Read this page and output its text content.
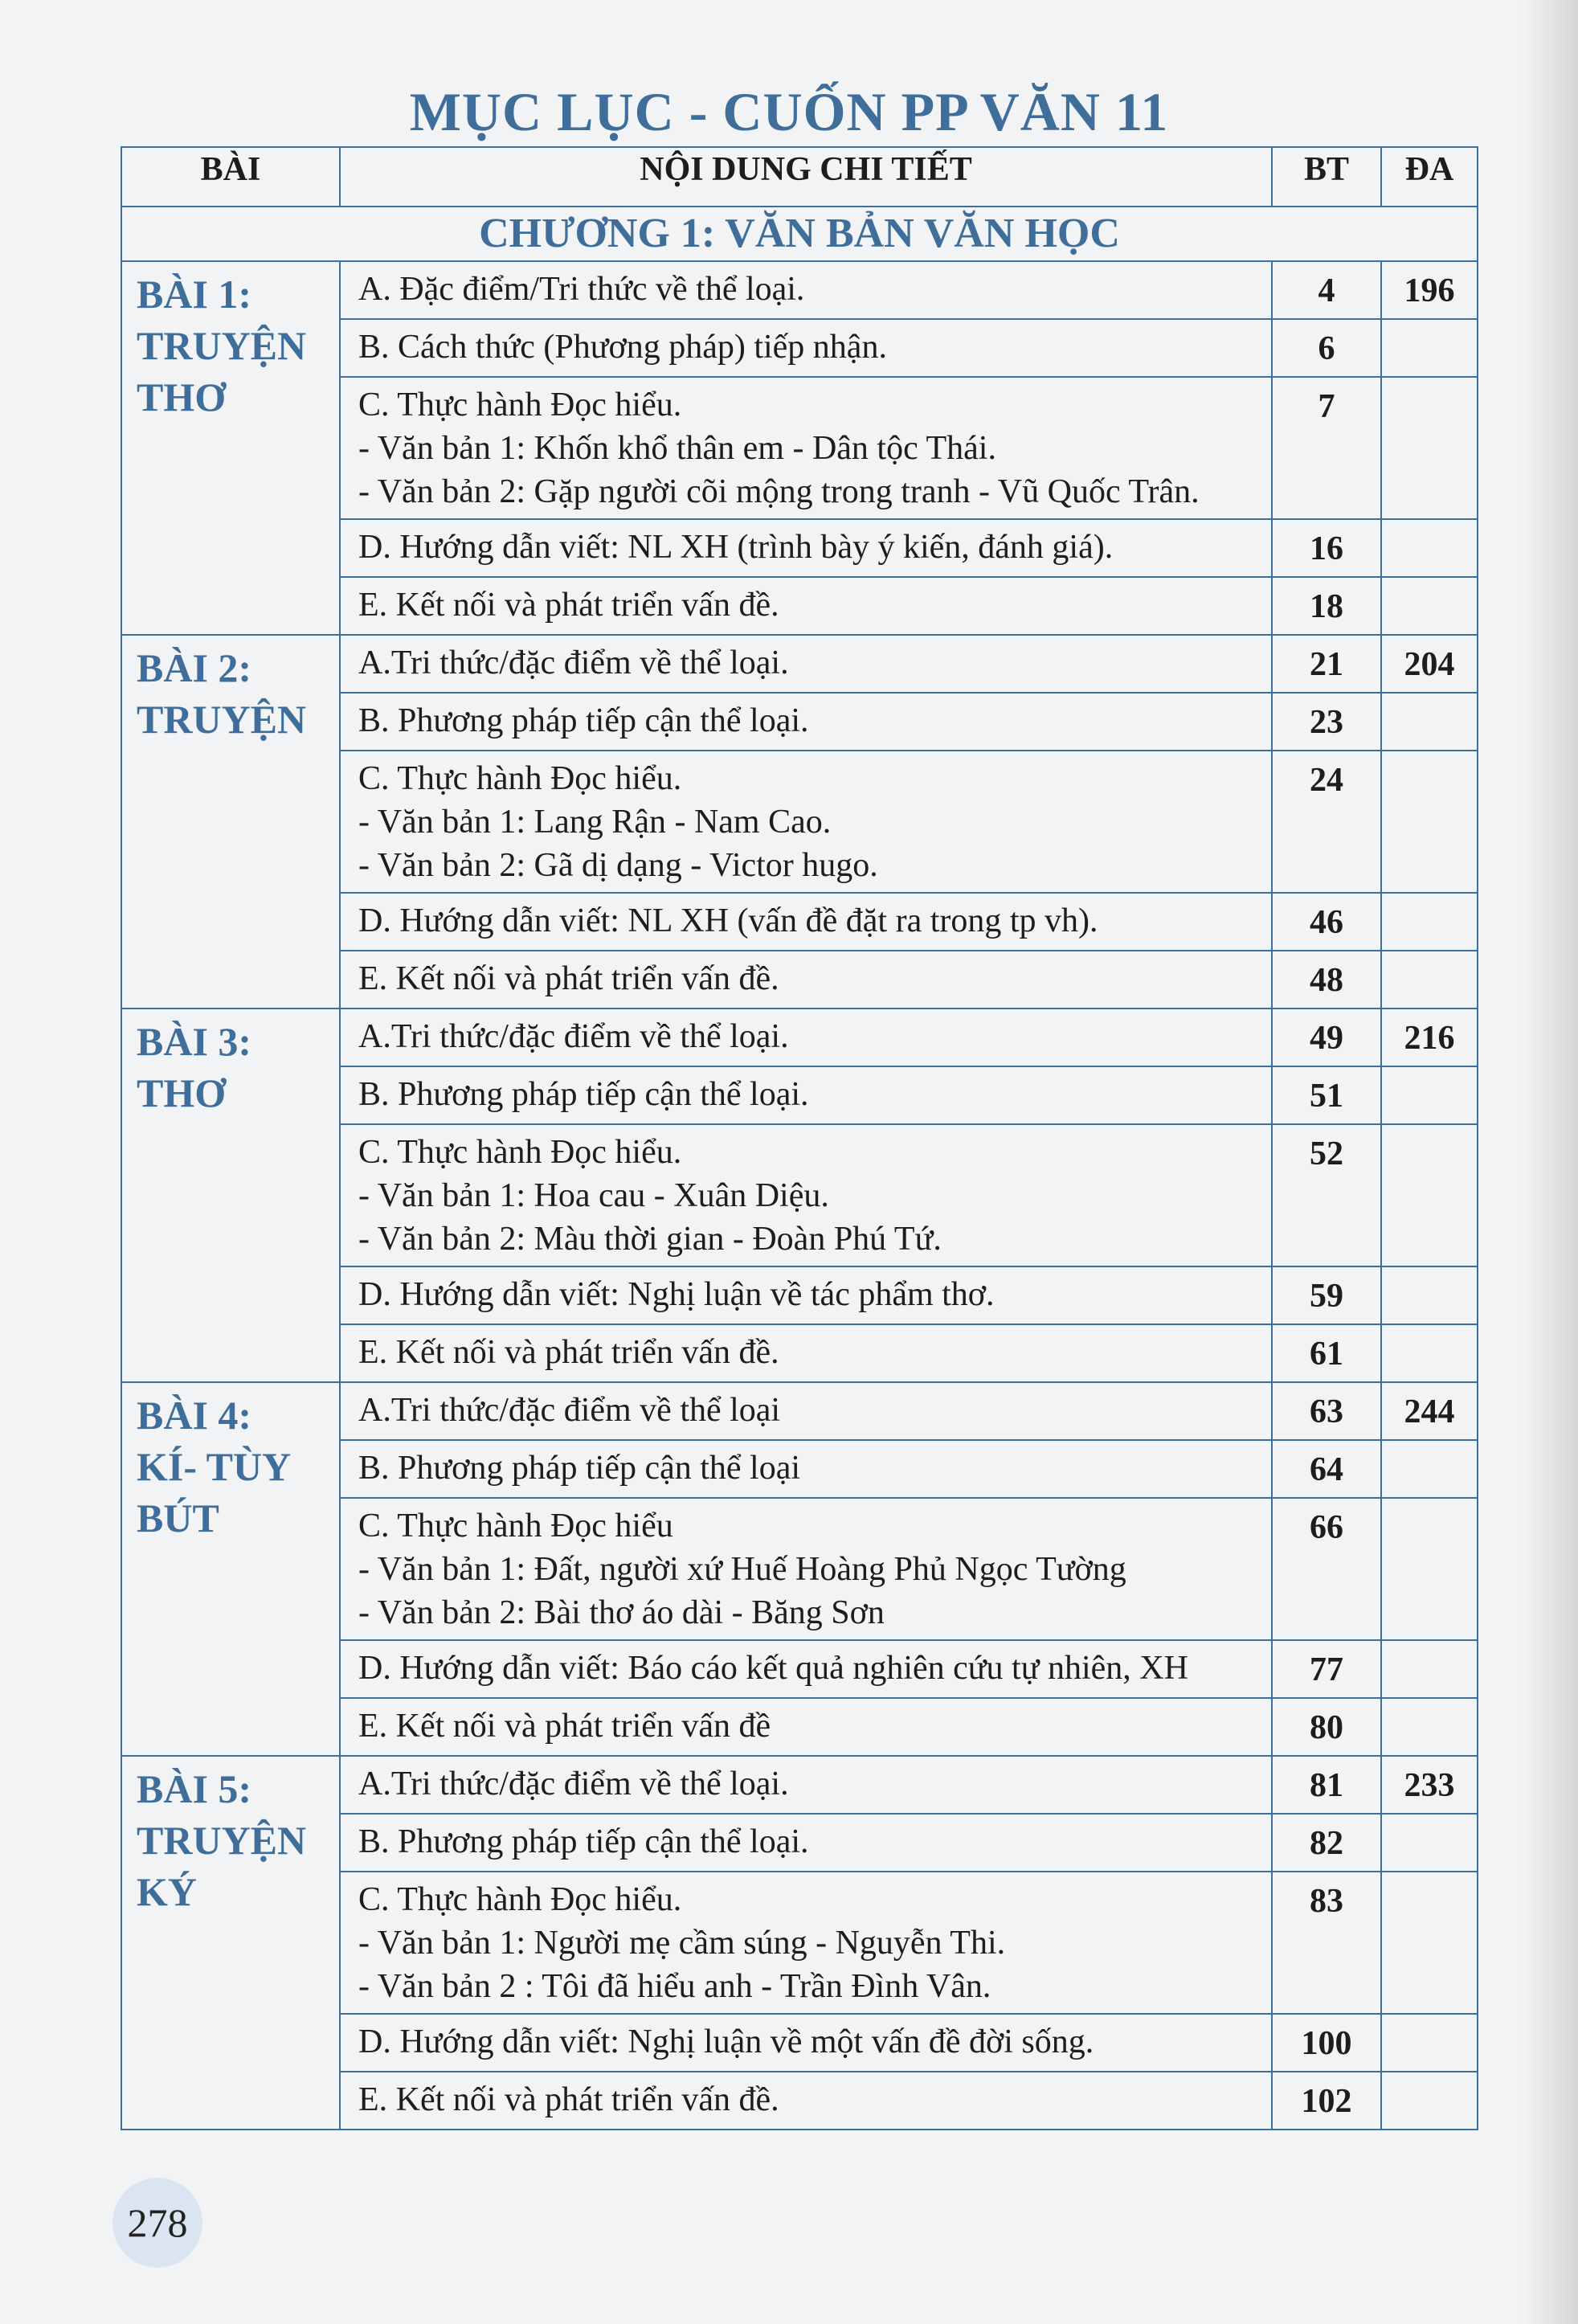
MỤC LỤC - CUỐN PP VĂN 11
BÀI	NỘI DUNG CHI TIẾT	BT	ĐA
CHƯƠNG 1: VĂN BẢN VĂN HỌC			
BÀI 1:
TRUYỆN
THƠ	A. Đặc điểm/Tri thức về thể loại.	4	196

	B. Cách thức (Phương pháp) tiếp nhận.	6	

	C. Thực hành Đọc hiểu.
- Văn bản 1: Khốn khổ thân em - Dân tộc Thái.
- Văn bản 2: Gặp người cõi mộng trong tranh - Vũ Quốc Trân.	7	

	D. Hướng dẫn viết: NL XH (trình bày ý kiến, đánh giá).	16	

	E. Kết nối và phát triển vấn đề.	18	
BÀI 2:
TRUYỆN	A.Tri thức/đặc điểm về thể loại.	21	204

	B. Phương pháp tiếp cận thể loại.	23	

	C. Thực hành Đọc hiểu.
- Văn bản 1: Lang Rận - Nam Cao.
- Văn bản 2: Gã dị dạng - Victor hugo.	24	

	D. Hướng dẫn viết: NL XH (vấn đề đặt ra trong tp vh).	46	

	E. Kết nối và phát triển vấn đề.	48	
BÀI 3:
THƠ	A.Tri thức/đặc điểm về thể loại.	49	216

	B. Phương pháp tiếp cận thể loại.	51	

	C. Thực hành Đọc hiểu.
- Văn bản 1: Hoa cau - Xuân Diệu.
- Văn bản 2: Màu thời gian - Đoàn Phú Tứ.	52	

	D. Hướng dẫn viết: Nghị luận về tác phẩm thơ.	59	

	E. Kết nối và phát triển vấn đề.	61	
BÀI 4:
KÍ- TÙY
BÚT	A.Tri thức/đặc điểm về thể loại	63	244

	B. Phương pháp tiếp cận thể loại	64	

	C. Thực hành Đọc hiểu
- Văn bản 1: Đất, người xứ Huế Hoàng Phủ Ngọc Tường
- Văn bản 2: Bài thơ áo dài - Băng Sơn	66	

	D. Hướng dẫn viết: Báo cáo kết quả nghiên cứu tự nhiên, XH	77	

	E. Kết nối và phát triển vấn đề	80	
BÀI 5:
TRUYỆN
KÝ	A.Tri thức/đặc điểm về thể loại.	81	233

	B. Phương pháp tiếp cận thể loại.	82	

	C. Thực hành Đọc hiểu.
- Văn bản 1: Người mẹ cầm súng - Nguyễn Thi.
- Văn bản 2 : Tôi đã hiểu anh - Trần Đình Vân.	83	

	D. Hướng dẫn viết: Nghị luận về một vấn đề đời sống.	100	

	E. Kết nối và phát triển vấn đề.	102	
278
